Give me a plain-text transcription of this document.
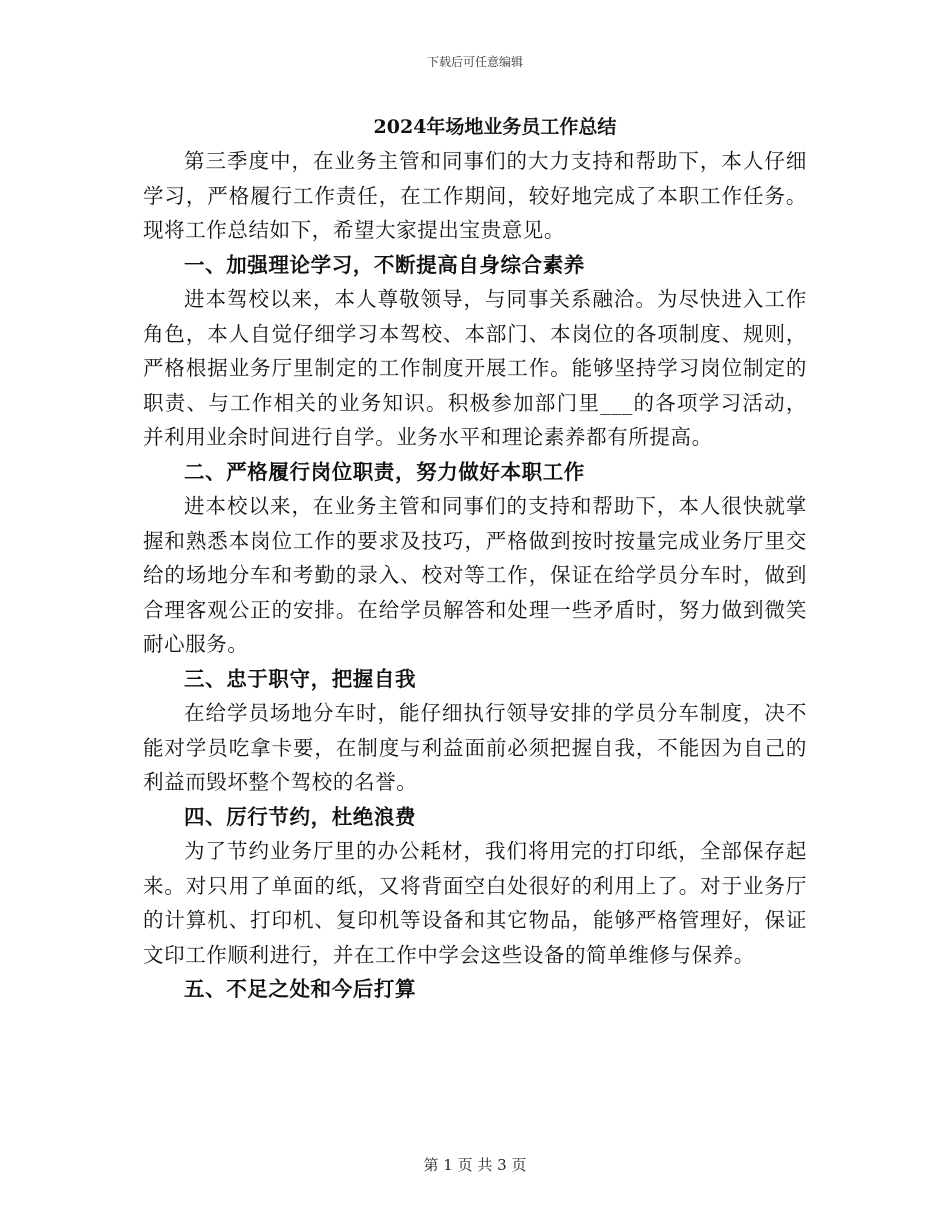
下载后可任意编辑
2024年场地业务员工作总结

第三季度中，在业务主管和同事们的大力支持和帮助下，本人仔细学习，严格履行工作责任，在工作期间，较好地完成了本职工作任务。现将工作总结如下，希望大家提出宝贵意见。

一、加强理论学习，不断提高自身综合素养

进本驾校以来，本人尊敬领导，与同事关系融洽。为尽快进入工作角色，本人自觉仔细学习本驾校、本部门、本岗位的各项制度、规则，严格根据业务厅里制定的工作制度开展工作。能够坚持学习岗位制定的职责、与工作相关的业务知识。积极参加部门里___的各项学习活动，并利用业余时间进行自学。业务水平和理论素养都有所提高。

二、严格履行岗位职责，努力做好本职工作

进本校以来，在业务主管和同事们的支持和帮助下，本人很快就掌握和熟悉本岗位工作的要求及技巧，严格做到按时按量完成业务厅里交给的场地分车和考勤的录入、校对等工作，保证在给学员分车时，做到合理客观公正的安排。在给学员解答和处理一些矛盾时，努力做到微笑耐心服务。

三、忠于职守，把握自我

在给学员场地分车时，能仔细执行领导安排的学员分车制度，决不能对学员吃拿卡要，在制度与利益面前必须把握自我，不能因为自己的利益而毁坏整个驾校的名誉。

四、厉行节约，杜绝浪费

为了节约业务厅里的办公耗材，我们将用完的打印纸，全部保存起来。对只用了单面的纸，又将背面空白处很好的利用上了。对于业务厅的计算机、打印机、复印机等设备和其它物品，能够严格管理好，保证文印工作顺利进行，并在工作中学会这些设备的简单维修与保养。

五、不足之处和今后打算

第 1 页 共 3 页
